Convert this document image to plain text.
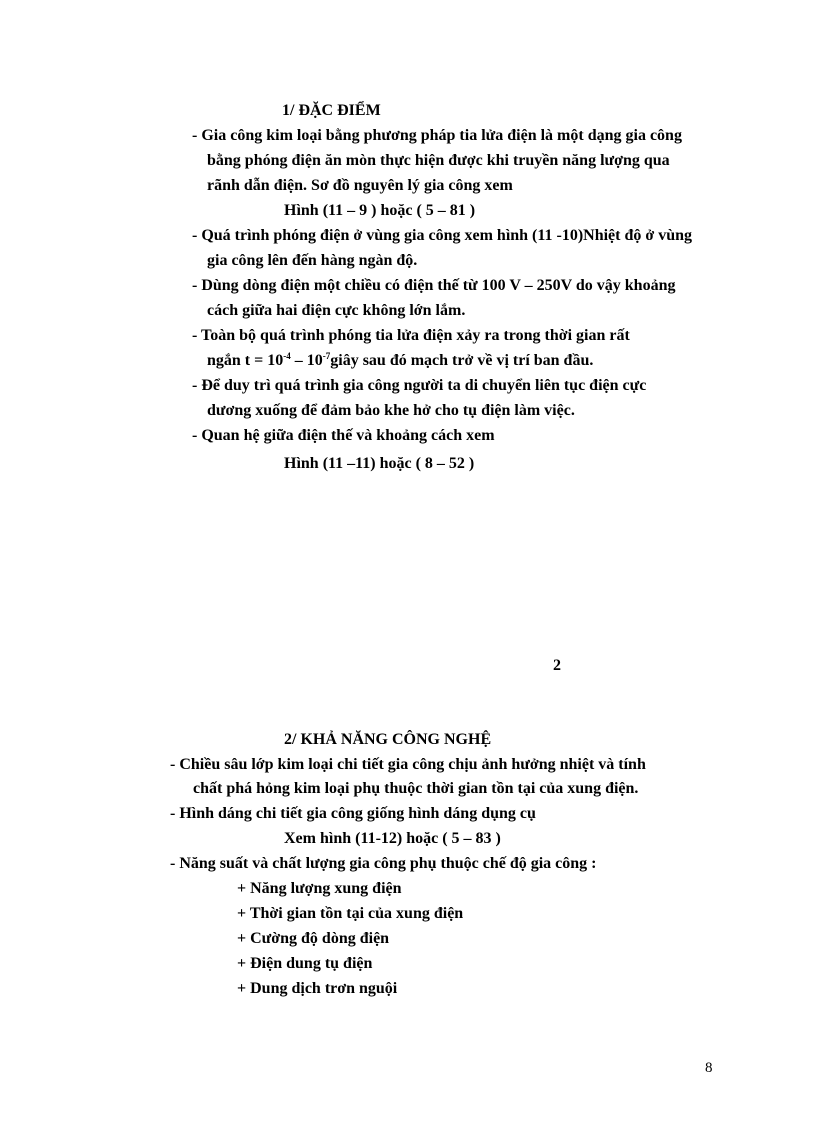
1/ ĐẶC ĐIỂM
- Gia công kim loại bằng phương pháp tia lửa điện là một dạng gia công
bằng phóng điện ăn mòn thực hiện được khi truyền năng lượng qua
rãnh dẫn điện. Sơ đồ nguyên lý gia công xem
Hình (11 – 9 ) hoặc ( 5 – 81 )
- Quá trình phóng điện ở vùng gia công xem hình (11 -10)Nhiệt độ ở vùng
gia công lên đến hàng ngàn độ.
- Dùng dòng điện một chiều có điện thế từ 100 V – 250V do vậy khoảng
cách giữa hai điện cực không lớn lắm.
- Toàn bộ quá trình phóng tia lửa điện xảy ra trong thời gian rất
ngắn $t = 10^{-4}$ – $10^{-7}giây$ sau đó mạch trở về vị trí ban đầu.
- Để duy trì quá trình gia công người ta di chuyển liên tục điện cực
dương xuống để đảm bảo khe hở cho tụ điện làm việc.
- Quan hệ giữa điện thế và khoảng cách xem
Hình (11 –11) hoặc ( 8 – 52 )
2
2/ KHẢ NĂNG CÔNG NGHỆ
- Chiều sâu lớp kim loại chi tiết gia công chịu ảnh hưởng nhiệt và tính
chất phá hỏng kim loại phụ thuộc thời gian tồn tại của xung điện.
- Hình dáng chi tiết gia công giống hình dáng dụng cụ
Xem hình (11-12) hoặc ( 5 – 83 )
- Năng suất và chất lượng gia công phụ thuộc chế độ gia công :
+ Năng lượng xung điện
+ Thời gian tồn tại của xung điện
+ Cường độ dòng điện
+ Điện dung tụ điện
+ Dung dịch trơn nguội
8
